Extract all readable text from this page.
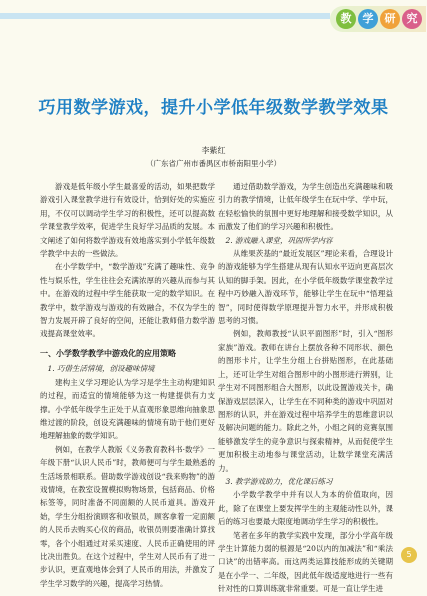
教	学	研	究
巧用数学游戏，提升小学低年级数学教学效果
李紫红
（广东省广州市番禺区市桥南阳里小学）

游戏是低年级小学生最喜爱的活动，如果把数学游戏引入课堂教学进行有效设计，恰到好处的实施应用，不仅可以调动学生学习的积极性，还可以提高数学课堂教学效率，促进学生良好学习品质的发展。本文阐述了如何将数学游戏有效地落实到小学低年级数学教学中去的一些做法。

在小学数学中，“数学游戏”充满了趣味性、竞争性与娱乐性，学生往往会充满浓厚的兴趣从而参与其中。在游戏的过程中学生能获取一定的数学知识。在教学中，数学游戏与游戏的有效融合，不仅为学生的智力发展开辟了良好的空间，还能让教师借力数学游戏提高课堂效率。

一、小学数学教学中游戏化的应用策略

1. 巧借生活情境，创设趣味情境

建构主义学习理论认为学习是学生主动构建知识的过程，而适宜的情境能够为这一构建提供有力支撑。小学低年级学生正处于从直观形象思维向抽象思维过渡的阶段，创设充满趣味的情境有助于他们更好地理解抽象的数学知识。

例如，在教学人教版《义务教育教科书·数学》一年级下册“认识人民币”时，教师便可与学生最熟悉的生活场景相联系。借助数学游戏创设“我来购物”的游戏情境，在教室设置模拟购物场景，包括商品、价格标签等，同时准备不同面额的人民币道具。游戏开始，学生分组扮演顾客和收银员，顾客拿着一定面额的人民币去购买心仪的商品，收银员则要准确计算找零，各个小组通过对采买速度、人民币正确使用的评比决出胜负。在这个过程中，学生对人民币有了进一步认识，更直观地体会到了人民币的用法，并激发了学生学习数学的兴趣，提高学习热情。

通过借助数学游戏，为学生创造出充满趣味和吸引力的教学情境，让低年级学生在玩中学、学中玩，在轻松愉快的氛围中更好地理解和接受数学知识，从而激发了他们的学习兴趣和积极性。

2. 游戏融入课堂，巩固所学内容

从维果茨基的“最近发展区”理论来看，合理设计的游戏能够为学生搭建从现有认知水平迈向更高层次认知的脚手架。因此，在小学低年级数学课堂教学过程中巧妙融入游戏环节，能够让学生在玩中“悟理益智”，同时使得数学原理提升智力水平，并形成积极思考的习惯。

例如，教师教授“认识平面图形”时，引入“图形家族”游戏。教师在讲台上摆放各种不同形状、颜色的图形卡片，让学生分组上台拼贴图形，在此基础上，还可让学生对组合图形中的小图形进行辨别，让学生对不同图形组合大图形，以此设置游戏关卡，确保游戏层层深入，让学生在不同种类的游戏中巩固对图形的认识，并在游戏过程中培养学生的思维意识以及解决问题的能力。除此之外，小组之间的竞赛氛围能够激发学生的竞争意识与探索精神，从而促使学生更加积极主动地参与课堂活动，让数学课堂充满活力。

3. 教学游戏助力，优化课后练习

小学数学教学中并有以人为本的价值取向，因此，除了在课堂上要发挥学生的主观能动性以外，课后的练习也要最大限度地调动学生学习的积极性。

笔者在多年的教学实践中发现，部分小学高年级学生计算能力弱的根源是“20以内的加减法”和“乘法口诀”的出错率高。而这两类运算技能形成的关键期是在小学一、二年级，因此低年级适度地进行一些有针对性的口算训练就非常重要。可是一直让学生进

5
